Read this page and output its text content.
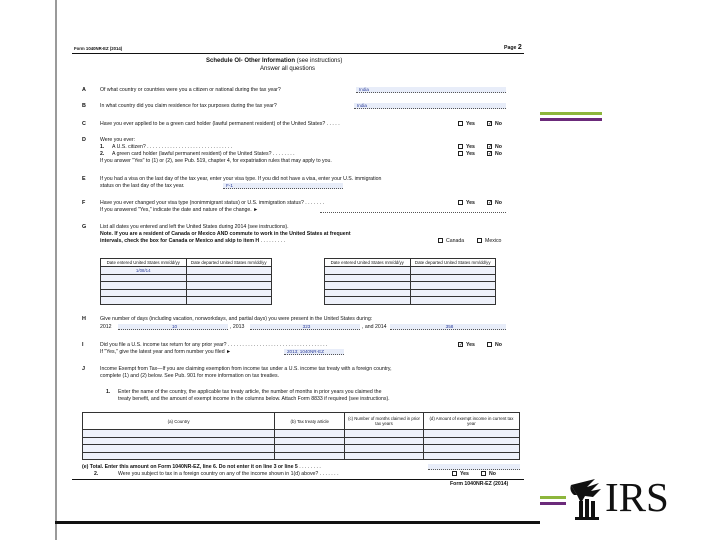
IRS
Form 1040NR-EZ (2014)	Page 2
Schedule OI- Other Information (see instructions)
Answer all questions
A	Of what country or countries were you a citizen or national during the tax year?	India
B	In what country did you claim residence for tax purposes during the tax year?	India
C	Have you ever applied to be a green card holder (lawful permanent resident) of the United States? . . . . .	Yes	✓ No
D	Were you ever:
1. A U.S. citizen? . . . . . . . . . . . . . . . . . . . . . . . . . . . . . .	Yes	✓ No
2. A green card holder (lawful permanent resident) of the United States? . . . . . . . .	Yes	✓ No
If you answer "Yes" to (1) or (2), see Pub. 519, chapter 4, for expatriation rules that may apply to you.
E	If you had a visa on the last day of the tax year, enter your visa type. If you did not have a visa, enter your U.S. immigration
status on the last day of the tax year.	F-1
F	Have you ever changed your visa type (nonimmigrant status) or U.S. immigration status? . . . . . . .	Yes	✓ No
If you answered "Yes," indicate the date and nature of the change. ►
G	List all dates you entered and left the United States during 2014 (see instructions).
Note. If you are a resident of Canada or Mexico AND commute to work in the United States at frequent
intervals, check the box for Canada or Mexico and skip to item H . . . . . . . . .	Canada	Mexico
Date entered United States mm/dd/yy	Date departed United States mm/dd/yy
1/08/14	

Date entered United States mm/dd/yy	Date departed United States mm/dd/yy

H	Give number of days (including vacation, nonworkdays, and partial days) you were present in the United States during:
2012	10	, 2013	323	, and 2014	358
I	Did you file a U.S. income tax return for any prior year? . . . . . . . . . . . . . . . . . . . . . . . . . . . . . . . . . . .	✓ Yes	No
If "Yes," give the latest year and form number you filed ►	2013; 1040NR-EZ
J	Income Exempt from Tax—If you are claiming exemption from income tax under a U.S. income tax treaty with a foreign country,
complete (1) and (2) below. See Pub. 901 for more information on tax treaties.
1. Enter the name of the country, the applicable tax treaty article, the number of months in prior years you claimed the
treaty benefit, and the amount of exempt income in the columns below. Attach Form 8833 if required (see instructions).
(a) Country	(b) Tax treaty article	(c) Number of months claimed in prior tax years	(d) Amount of exempt income in current tax year

(e) Total. Enter this amount on Form 1040NR-EZ, line 6. Do not enter it on line 3 or line 5 . . . . . . . .
2.	Were you subject to tax in a foreign country on any of the income shown in 1(d) above? . . . . . . .	Yes	No
Form 1040NR-EZ (2014)
